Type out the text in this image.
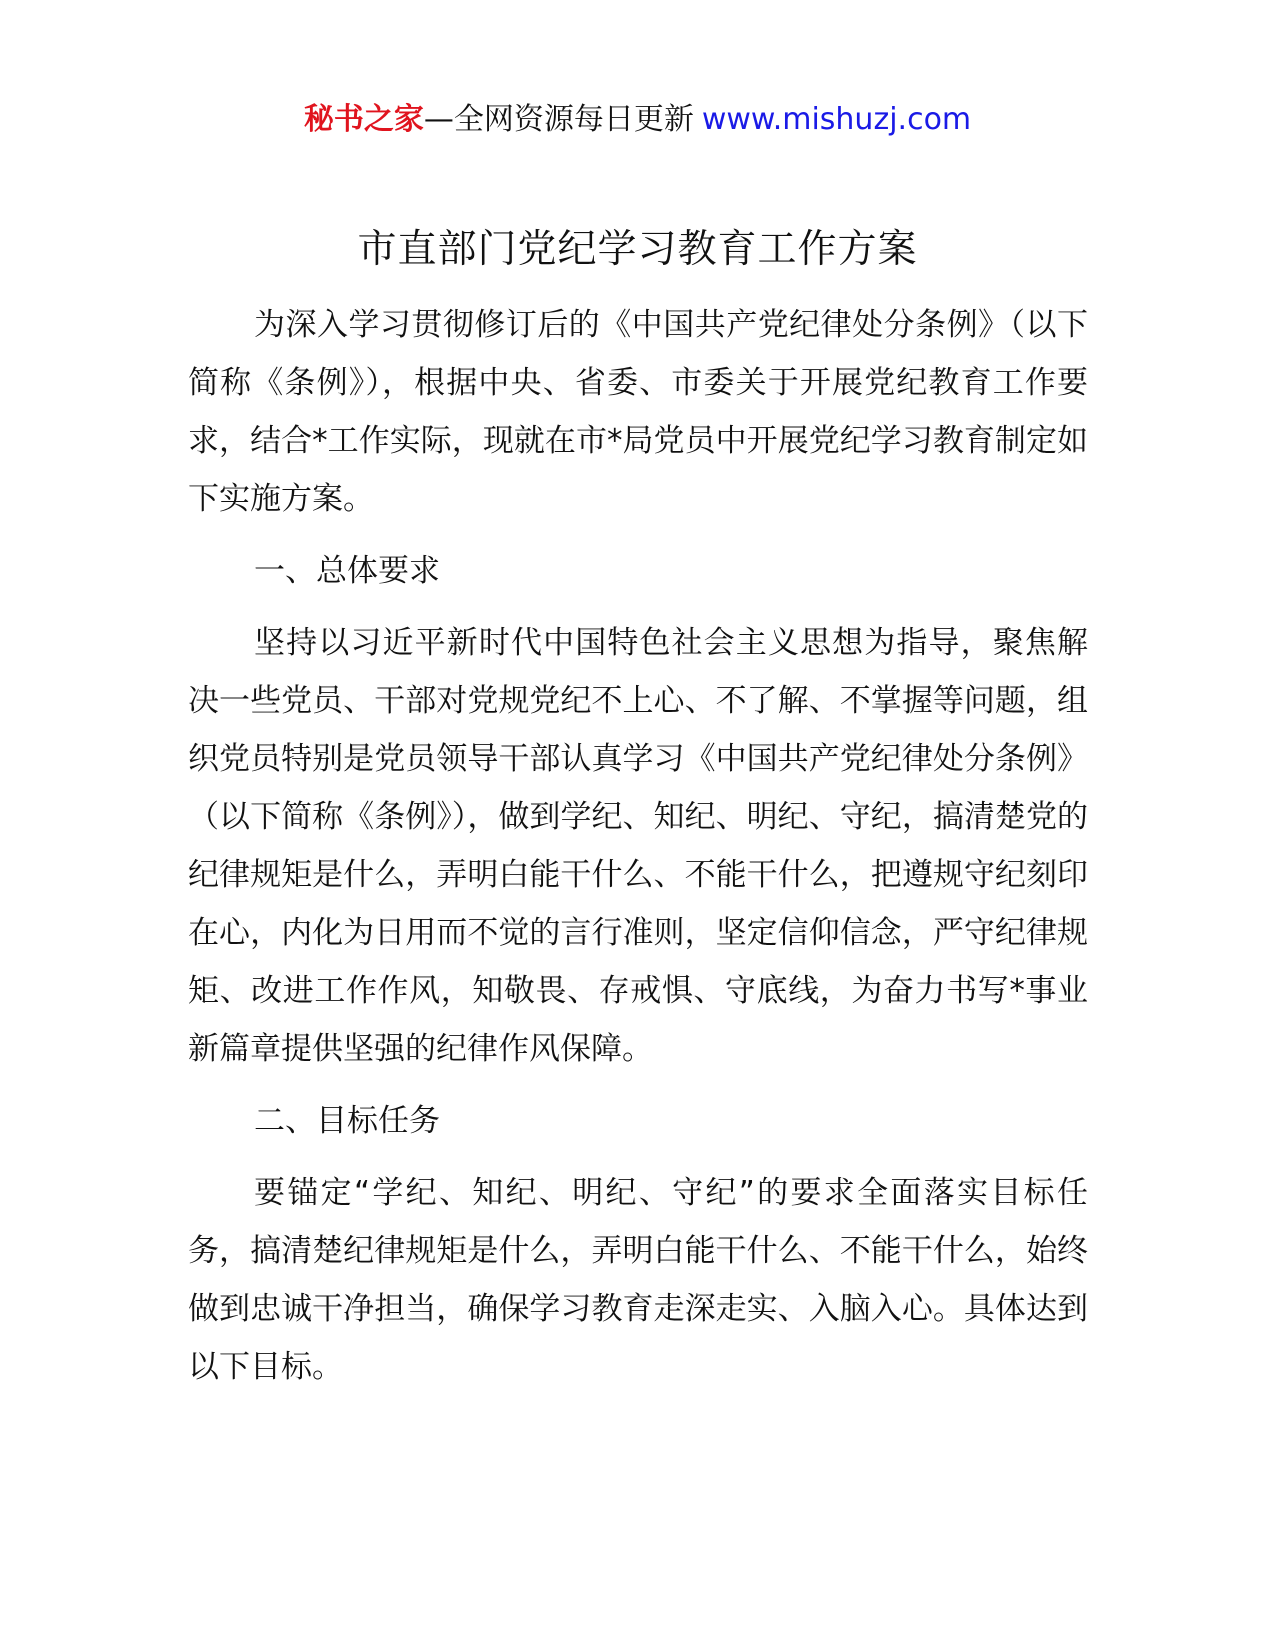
秘书之家—全网资源每日更新 www.mishuzj.com
市直部门党纪学习教育工作方案

为深入学习贯彻修订后的《中国共产党纪律处分条例》（以下简称《条例》），根据中央、省委、市委关于开展党纪教育工作要求，结合*工作实际，现就在市*局党员中开展党纪学习教育制定如下实施方案。

一、总体要求

坚持以习近平新时代中国特色社会主义思想为指导，聚焦解决一些党员、干部对党规党纪不上心、不了解、不掌握等问题，组织党员特别是党员领导干部认真学习《中国共产党纪律处分条例》（以下简称《条例》），做到学纪、知纪、明纪、守纪，搞清楚党的纪律规矩是什么，弄明白能干什么、不能干什么，把遵规守纪刻印在心，内化为日用而不觉的言行准则，坚定信仰信念，严守纪律规矩、改进工作作风，知敬畏、存戒惧、守底线，为奋力书写*事业新篇章提供坚强的纪律作风保障。

二、目标任务

要锚定“学纪、知纪、明纪、守纪”的要求全面落实目标任务，搞清楚纪律规矩是什么，弄明白能干什么、不能干什么，始终做到忠诚干净担当，确保学习教育走深走实、入脑入心。具体达到以下目标。
